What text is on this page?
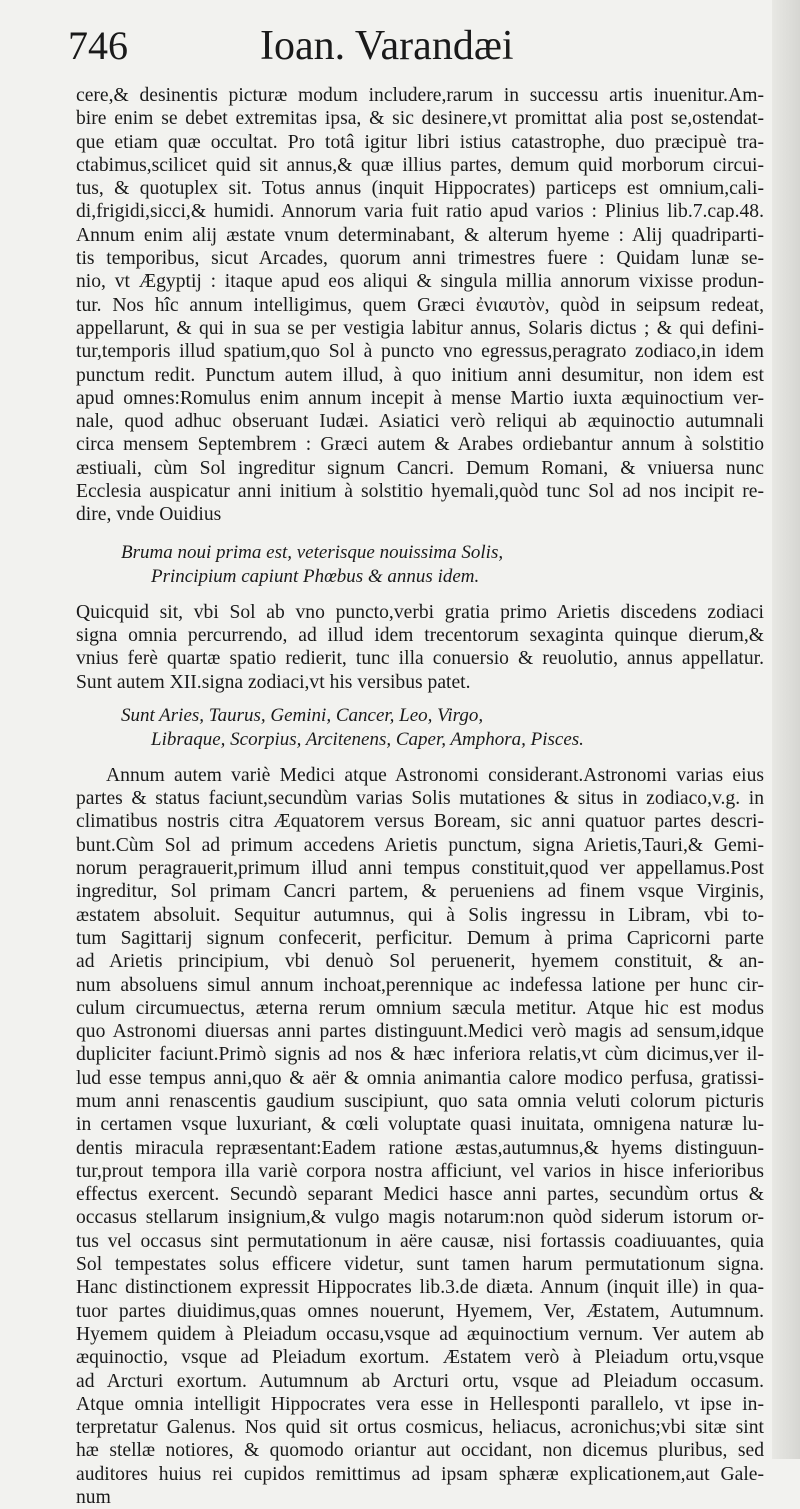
746	Ioan. Varandæi
cere,& desinentis picturæ modum includere,rarum in successu artis inuenitur.Am-
bire enim se debet extremitas ipsa, & sic desinere,vt promittat alia post se,ostendat-
que etiam quæ occultat. Pro totâ igitur libri istius catastrophe, duo præcipuè tra-
ctabimus,scilicet quid sit annus,& quæ illius partes, demum quid morborum circui-
tus, & quotuplex sit. Totus annus (inquit Hippocrates) particeps est omnium,cali-
di,frigidi,sicci,& humidi. Annorum varia fuit ratio apud varios : Plinius lib.7.cap.48.
Annum enim alij æstate vnum determinabant, & alterum hyeme : Alij quadriparti-
tis temporibus, sicut Arcades, quorum anni trimestres fuere : Quidam lunæ se-
nio, vt Ægyptij : itaque apud eos aliqui & singula millia annorum vixisse produn-
tur. Nos hîc annum intelligimus, quem Græci ἐνιαυτὸν, quòd in seipsum redeat,
appellarunt, & qui in sua se per vestigia labitur annus, Solaris dictus ; & qui defini-
tur,temporis illud spatium,quo Sol à puncto vno egressus,peragrato zodiaco,in idem
punctum redit. Punctum autem illud, à quo initium anni desumitur, non idem est
apud omnes:Romulus enim annum incepit à mense Martio iuxta æquinoctium ver-
nale, quod adhuc obseruant Iudæi. Asiatici verò reliqui ab æquinoctio autumnali
circa mensem Septembrem : Græci autem & Arabes ordiebantur annum à solstitio
æstiuali, cùm Sol ingreditur signum Cancri. Demum Romani, & vniuersa nunc
Ecclesia auspicatur anni initium à solstitio hyemali,quòd tunc Sol ad nos incipit re-
dire, vnde Ouidius
Bruma noui prima est, veterisque nouissima Solis,
Principium capiunt Phœbus & annus idem.
Quicquid sit, vbi Sol ab vno puncto,verbi gratia primo Arietis discedens zodiaci
signa omnia percurrendo, ad illud idem trecentorum sexaginta quinque dierum,&
vnius ferè quartæ spatio redierit, tunc illa conuersio & reuolutio, annus appellatur.
Sunt autem XII.signa zodiaci,vt his versibus patet.
Sunt Aries, Taurus, Gemini, Cancer, Leo, Virgo,
Libraque, Scorpius, Arcitenens, Caper, Amphora, Pisces.
Annum autem variè Medici atque Astronomi considerant.Astronomi varias eius
partes & status faciunt,secundùm varias Solis mutationes & situs in zodiaco,v.g. in
climatibus nostris citra Æquatorem versus Boream, sic anni quatuor partes descri-
bunt.Cùm Sol ad primum accedens Arietis punctum, signa Arietis,Tauri,& Gemi-
norum peragrauerit,primum illud anni tempus constituit,quod ver appellamus.Post
ingreditur, Sol primam Cancri partem, & perueniens ad finem vsque Virginis,
æstatem absoluit. Sequitur autumnus, qui à Solis ingressu in Libram, vbi to-
tum Sagittarij signum confecerit, perficitur. Demum à prima Capricorni parte
ad Arietis principium, vbi denuò Sol peruenerit, hyemem constituit, & an-
num absoluens simul annum inchoat,perennique ac indefessa latione per hunc cir-
culum circumuectus, æterna rerum omnium sæcula metitur. Atque hic est modus
quo Astronomi diuersas anni partes distinguunt.Medici verò magis ad sensum,idque
dupliciter faciunt.Primò signis ad nos & hæc inferiora relatis,vt cùm dicimus,ver il-
lud esse tempus anni,quo & aër & omnia animantia calore modico perfusa, gratissi-
mum anni renascentis gaudium suscipiunt, quo sata omnia veluti colorum picturis
in certamen vsque luxuriant, & cœli voluptate quasi inuitata, omnigena naturæ lu-
dentis miracula repræsentant:Eadem ratione æstas,autumnus,& hyems distinguun-
tur,prout tempora illa variè corpora nostra afficiunt, vel varios in hisce inferioribus
effectus exercent. Secundò separant Medici hasce anni partes, secundùm ortus &
occasus stellarum insignium,& vulgo magis notarum:non quòd siderum istorum or-
tus vel occasus sint permutationum in aëre causæ, nisi fortassis coadiuuantes, quia
Sol tempestates solus efficere videtur, sunt tamen harum permutationum signa.
Hanc distinctionem expressit Hippocrates lib.3.de diæta. Annum (inquit ille) in qua-
tuor partes diuidimus,quas omnes nouerunt, Hyemem, Ver, Æstatem, Autumnum.
Hyemem quidem à Pleiadum occasu,vsque ad æquinoctium vernum. Ver autem ab
æquinoctio, vsque ad Pleiadum exortum. Æstatem verò à Pleiadum ortu,vsque
ad Arcturi exortum. Autumnum ab Arcturi ortu, vsque ad Pleiadum occasum.
Atque omnia intelligit Hippocrates vera esse in Hellesponti parallelo, vt ipse in-
terpretatur Galenus. Nos quid sit ortus cosmicus, heliacus, acronichus;vbi sitæ sint
hæ stellæ notiores, & quomodo oriantur aut occidant, non dicemus pluribus, sed
auditores huius rei cupidos remittimus ad ipsam sphæræ explicationem,aut Gale-
num
